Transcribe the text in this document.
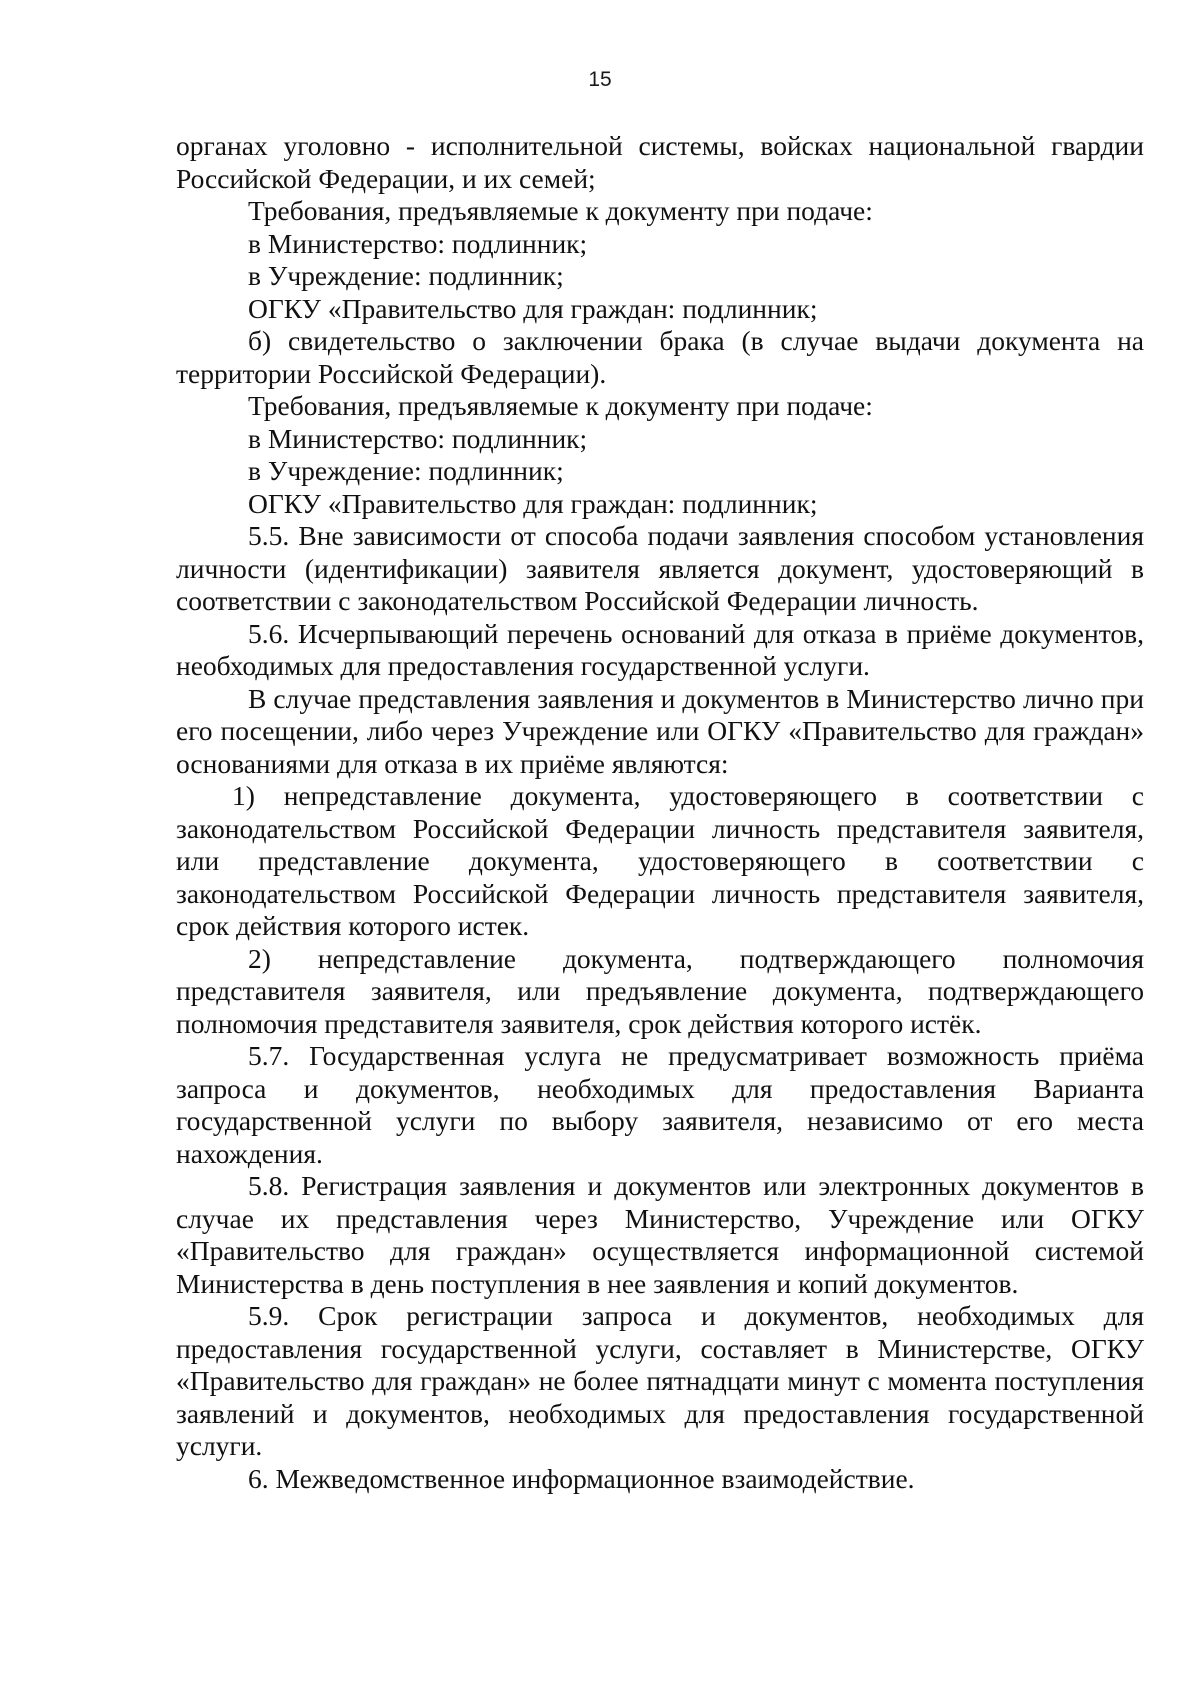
15

органах уголовно - исполнительной системы, войсках национальной гвардии Российской Федерации, и их семей;

Требования, предъявляемые к документу при подаче:

в Министерство: подлинник;

в Учреждение: подлинник;

ОГКУ «Правительство для граждан: подлинник;

б) свидетельство о заключении брака (в случае выдачи документа на территории Российской Федерации).

Требования, предъявляемые к документу при подаче:

в Министерство: подлинник;

в Учреждение: подлинник;

ОГКУ «Правительство для граждан: подлинник;

5.5. Вне зависимости от способа подачи заявления способом установления личности (идентификации) заявителя является документ, удостоверяющий в соответствии с законодательством Российской Федерации личность.

5.6. Исчерпывающий перечень оснований для отказа в приёме документов, необходимых для предоставления государственной услуги.

В случае представления заявления и документов в Министерство лично при его посещении, либо через Учреждение или ОГКУ «Правительство для граждан» основаниями для отказа в их приёме являются:

1) непредставление документа, удостоверяющего в соответствии с законодательством Российской Федерации личность представителя заявителя, или представление документа, удостоверяющего в соответствии с законодательством Российской Федерации личность представителя заявителя, срок действия которого истек.

2) непредставление документа, подтверждающего полномочия представителя заявителя, или предъявление документа, подтверждающего полномочия представителя заявителя, срок действия которого истёк.

5.7. Государственная услуга не предусматривает возможность приёма запроса и документов, необходимых для предоставления Варианта государственной услуги по выбору заявителя, независимо от его места нахождения.

5.8. Регистрация заявления и документов или электронных документов в случае их представления через Министерство, Учреждение или ОГКУ «Правительство для граждан» осуществляется информационной системой Министерства в день поступления в нее заявления и копий документов.

5.9. Срок регистрации запроса и документов, необходимых для предоставления государственной услуги, составляет в Министерстве, ОГКУ «Правительство для граждан» не более пятнадцати минут с момента поступления заявлений и документов, необходимых для предоставления государственной услуги.

6. Межведомственное информационное взаимодействие.
